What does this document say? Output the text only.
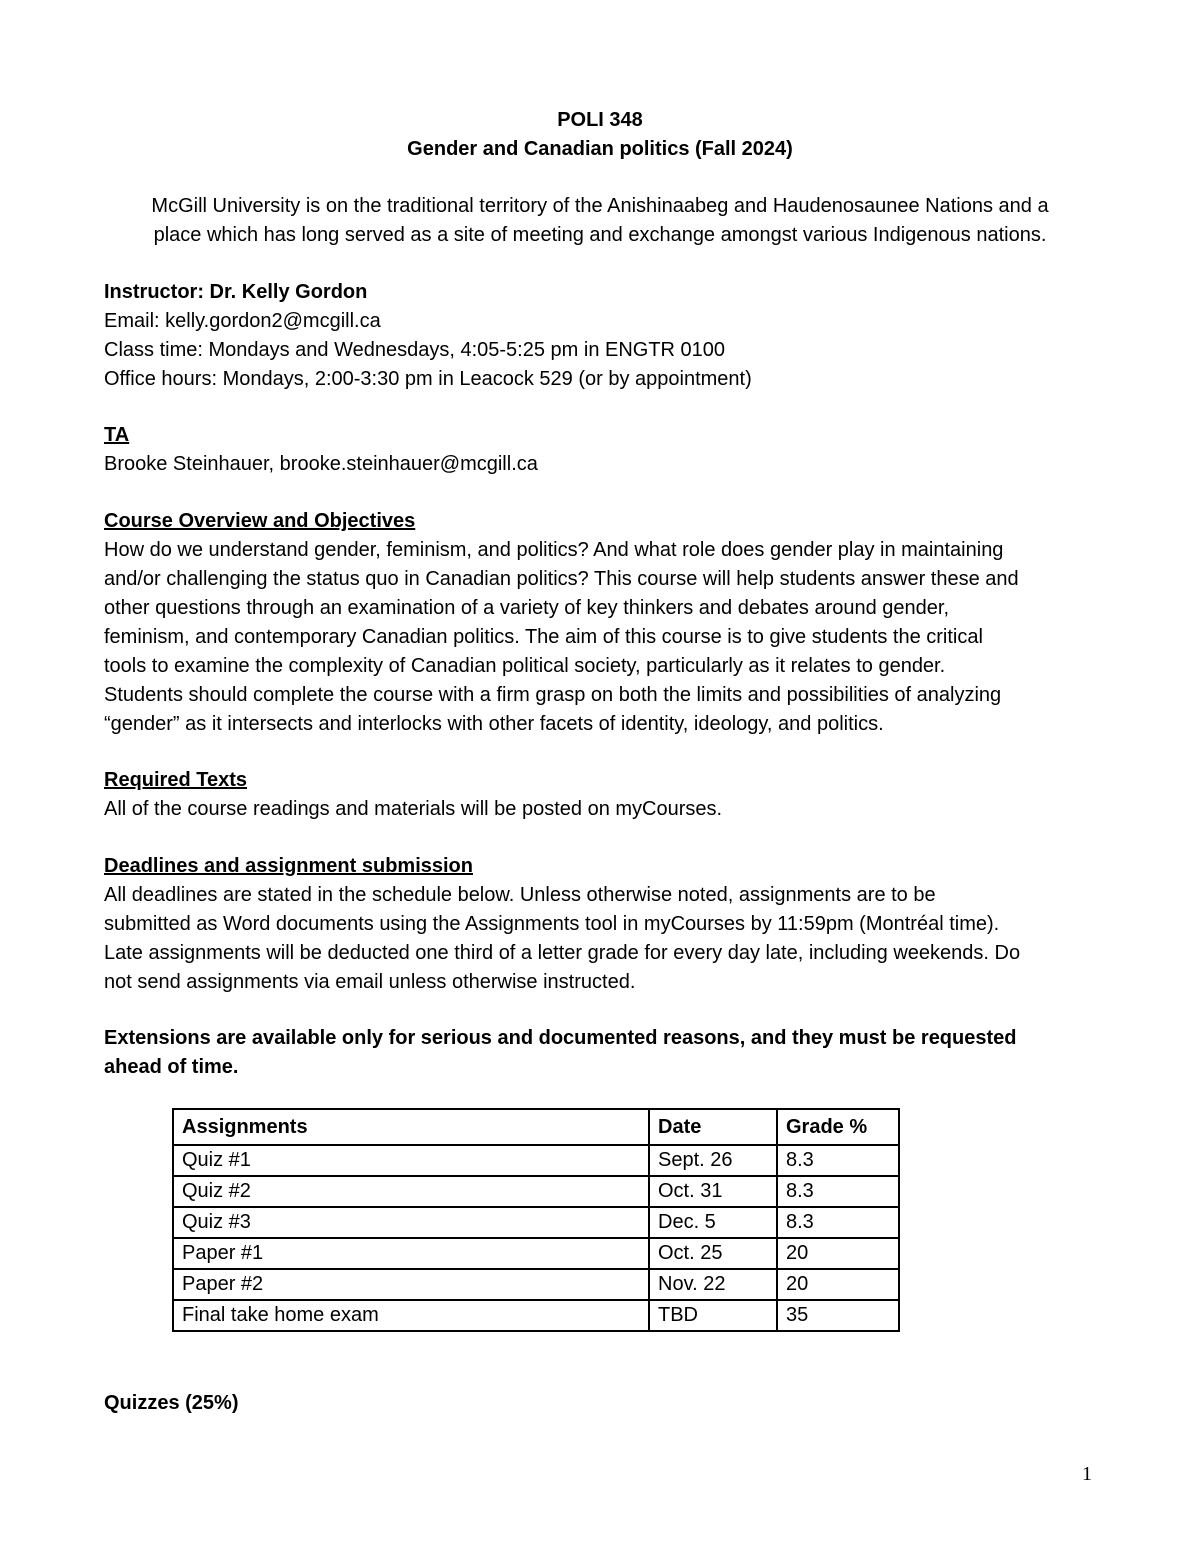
POLI 348

Gender and Canadian politics (Fall 2024)

McGill University is on the traditional territory of the Anishinaabeg and Haudenosaunee Nations and a

place which has long served as a site of meeting and exchange amongst various Indigenous nations.

Instructor: Dr. Kelly Gordon

Email: kelly.gordon2@mcgill.ca

Class time: Mondays and Wednesdays, 4:05-5:25 pm in ENGTR 0100

Office hours: Mondays, 2:00-3:30 pm in Leacock 529 (or by appointment)

TA

Brooke Steinhauer, brooke.steinhauer@mcgill.ca

Course Overview and Objectives

How do we understand gender, feminism, and politics? And what role does gender play in maintaining

and/or challenging the status quo in Canadian politics? This course will help students answer these and

other questions through an examination of a variety of key thinkers and debates around gender,

feminism, and contemporary Canadian politics. The aim of this course is to give students the critical

tools to examine the complexity of Canadian political society, particularly as it relates to gender.

Students should complete the course with a firm grasp on both the limits and possibilities of analyzing

“gender” as it intersects and interlocks with other facets of identity, ideology, and politics.

Required Texts

All of the course readings and materials will be posted on myCourses.

Deadlines and assignment submission

All deadlines are stated in the schedule below. Unless otherwise noted, assignments are to be

submitted as Word documents using the Assignments tool in myCourses by 11:59pm (Montréal time).

Late assignments will be deducted one third of a letter grade for every day late, including weekends. Do

not send assignments via email unless otherwise instructed.

Extensions are available only for serious and documented reasons, and they must be requested

ahead of time.

Assignments	Date	Grade %
Quiz #1	Sept. 26	8.3
Quiz #2	Oct. 31	8.3
Quiz #3	Dec. 5	8.3
Paper #1	Oct. 25	20
Paper #2	Nov. 22	20
Final take home exam	TBD	35

Quizzes (25%)

1
